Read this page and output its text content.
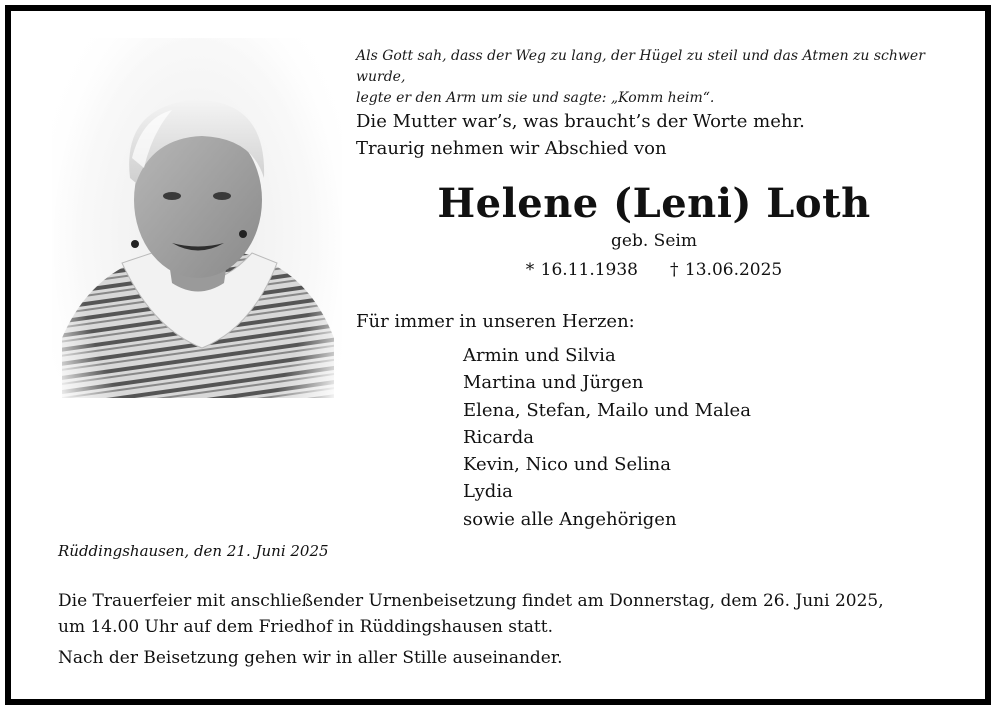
Als Gott sah, dass der Weg zu lang, der Hügel zu steil und das Atmen zu schwer wurde,
legte er den Arm um sie und sagte: „Komm heim“.
Die Mutter war’s, was braucht’s der Worte mehr.
Traurig nehmen wir Abschied von
Helene (Leni) Loth
geb. Seim
* 16.11.1938 † 13.06.2025
Für immer in unseren Herzen:
Armin und Silvia
Martina und Jürgen
Elena, Stefan, Mailo und Malea
Ricarda
Kevin, Nico und Selina
Lydia
sowie alle Angehörigen
Rüddingshausen, den 21. Juni 2025
Die Trauerfeier mit anschließender Urnenbeisetzung findet am Donnerstag, dem 26. Juni 2025,
um 14.00 Uhr auf dem Friedhof in Rüddingshausen statt.
Nach der Beisetzung gehen wir in aller Stille auseinander.
